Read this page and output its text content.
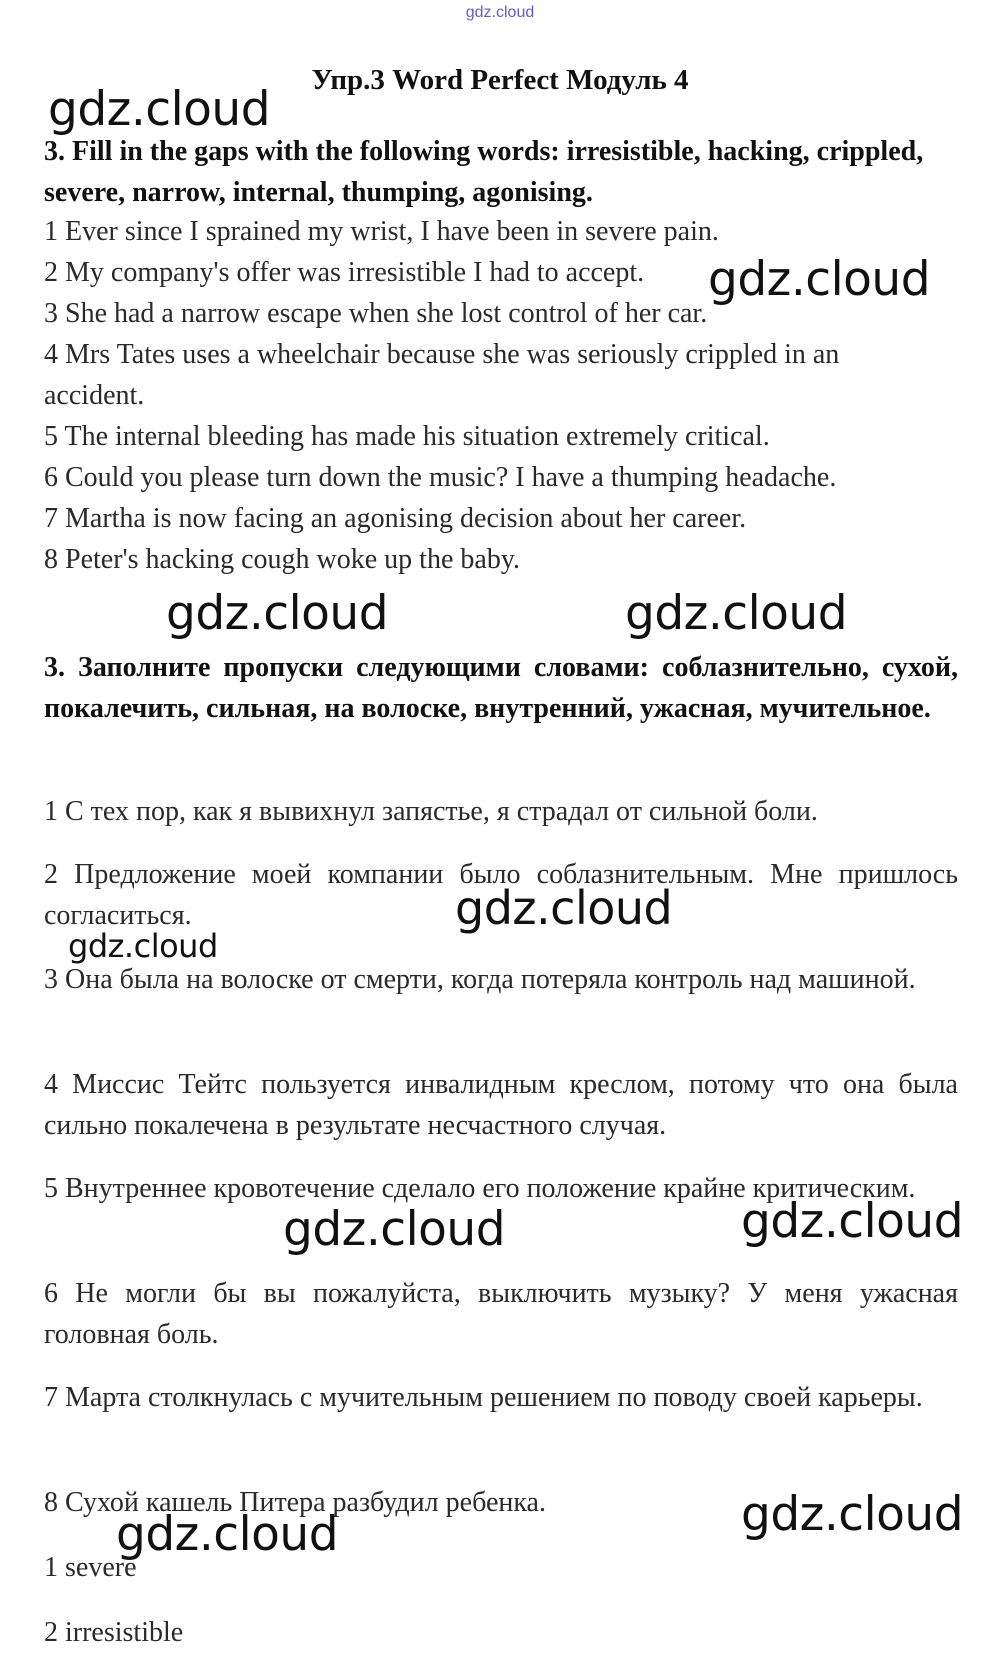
gdz.cloud
Упр.3 Word Perfect Модуль 4
3. Fill in the gaps with the following words: irresistible, hacking, crippled, severe, narrow, internal, thumping, agonising.
1 Ever since I sprained my wrist, I have been in severe pain.
2 My company's offer was irresistible I had to accept.
3 She had a narrow escape when she lost control of her car.
4 Mrs Tates uses a wheelchair because she was seriously crippled in an
accident.
5 The internal bleeding has made his situation extremely critical.
6 Could you please turn down the music? I have a thumping headache.
7 Martha is now facing an agonising decision about her career.
8 Peter's hacking cough woke up the baby.
3. Заполните пропуски следующими словами: соблазнительно, сухой, покалечить, сильная, на волоске, внутренний, ужасная, мучительное.
1 С тех пор, как я вывихнул запястье, я страдал от сильной боли.
2 Предложение моей компании было соблазнительным. Мне пришлось согласиться.
3 Она была на волоске от смерти, когда потеряла контроль над машиной.
4 Миссис Тейтс пользуется инвалидным креслом, потому что она была сильно покалечена в результате несчастного случая.
5 Внутреннее кровотечение сделало его положение крайне критическим.
6 Не могли бы вы пожалуйста, выключить музыку? У меня ужасная головная боль.
7 Марта столкнулась с мучительным решением по поводу своей карьеры.
8 Сухой кашель Питера разбудил ребенка.
1 severe
2 irresistible
gdz.cloud
gdz.cloud
gdz.cloud	gdz.cloud
gdz.cloud
gdz.cloud
gdz.cloud	gdz.cloud
gdz.cloud
gdz.cloud
